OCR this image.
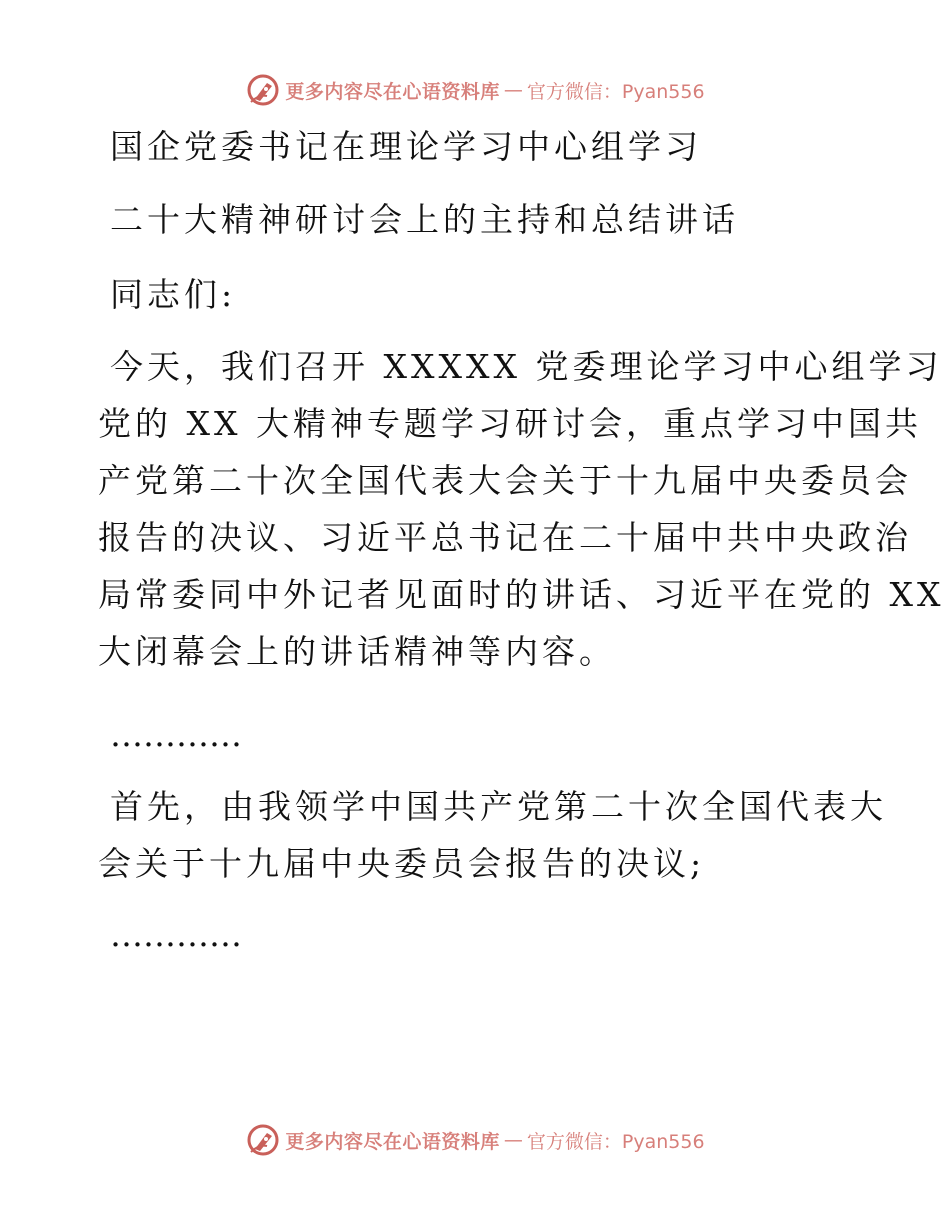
更多内容尽在心语资料库 — 官方微信：Pyan556

国企党委书记在理论学习中心组学习

二十大精神研讨会上的主持和总结讲话

同志们:

今天，我们召开 XXXXX 党委理论学习中心组学习
党的 XX 大精神专题学习研讨会，重点学习中国共
产党第二十次全国代表大会关于十九届中央委员会
报告的决议、习近平总书记在二十届中共中央政治
局常委同中外记者见面时的讲话、习近平在党的 XX
大闭幕会上的讲话精神等内容。

…………

首先，由我领学中国共产党第二十次全国代表大
会关于十九届中央委员会报告的决议;

…………

更多内容尽在心语资料库 — 官方微信：Pyan556
